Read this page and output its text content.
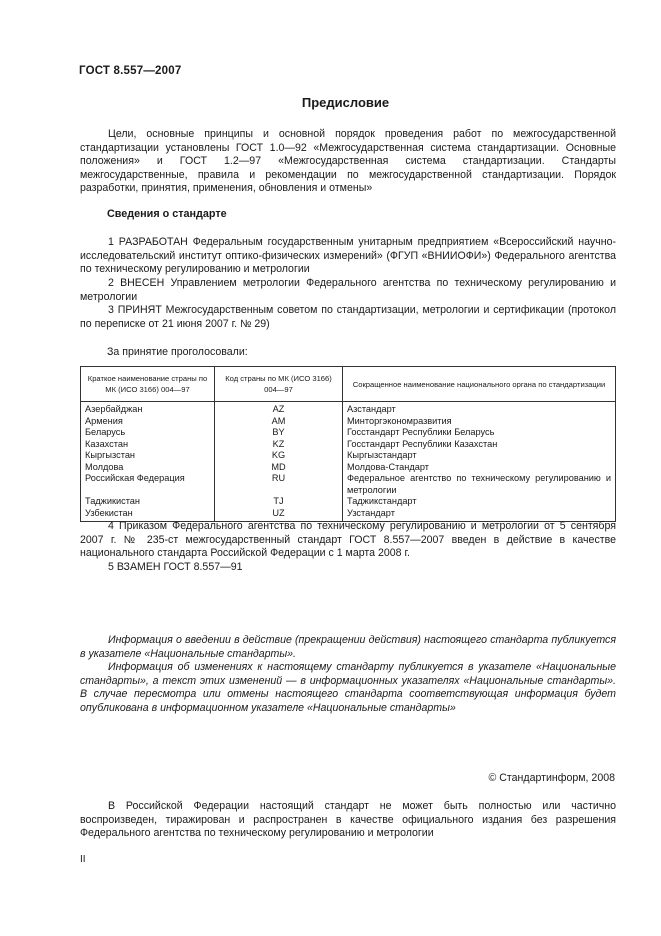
ГОСТ 8.557—2007
Предисловие
Цели, основные принципы и основной порядок проведения работ по межгосударственной стандартизации установлены ГОСТ 1.0—92 «Межгосударственная система стандартизации. Основные положения» и ГОСТ 1.2—97 «Межгосударственная система стандартизации. Стандарты межгосударственные, правила и рекомендации по межгосударственной стандартизации. Порядок разработки, принятия, применения, обновления и отмены»
Сведения о стандарте
1 РАЗРАБОТАН Федеральным государственным унитарным предприятием «Всероссийский научно-исследовательский институт оптико-физических измерений» (ФГУП «ВНИИОФИ») Федерального агентства по техническому регулированию и метрологии
2 ВНЕСЕН Управлением метрологии Федерального агентства по техническому регулированию и метрологии
3 ПРИНЯТ Межгосударственным советом по стандартизации, метрологии и сертификации (протокол по переписке от 21 июня 2007 г. № 29)
За принятие проголосовали:
Краткое наименование страны по МК (ИСО 3166) 004—97	Код страны по МК (ИСО 3166) 004—97	Сокращенное наименование национального органа по стандартизации
Азербайджан	AZ	Азстандарт
Армения	AM	Минторгэкономразвития
Беларусь	BY	Госстандарт Республики Беларусь
Казахстан	KZ	Госстандарт Республики Казахстан
Кыргызстан	KG	Кыргызстандарт
Молдова	MD	Молдова-Стандарт
Российская Федерация	RU	Федеральное агентство по техническому регулированию и метрологии
Таджикистан	TJ	Таджикстандарт
Узбекистан	UZ	Узстандарт
4 Приказом Федерального агентства по техническому регулированию и метрологии от 5 сентября 2007 г. № 235-ст межгосударственный стандарт ГОСТ 8.557—2007 введен в действие в качестве национального стандарта Российской Федерации с 1 марта 2008 г.
5 ВЗАМЕН ГОСТ 8.557—91
Информация о введении в действие (прекращении действия) настоящего стандарта публикуется в указателе «Национальные стандарты».
Информация об изменениях к настоящему стандарту публикуется в указателе «Национальные стандарты», а текст этих изменений — в информационных указателях «Национальные стандарты». В случае пересмотра или отмены настоящего стандарта соответствующая информация будет опубликована в информационном указателе «Национальные стандарты»
© Стандартинформ, 2008
В Российской Федерации настоящий стандарт не может быть полностью или частично воспроизведен, тиражирован и распространен в качестве официального издания без разрешения Федерального агентства по техническому регулированию и метрологии
II
